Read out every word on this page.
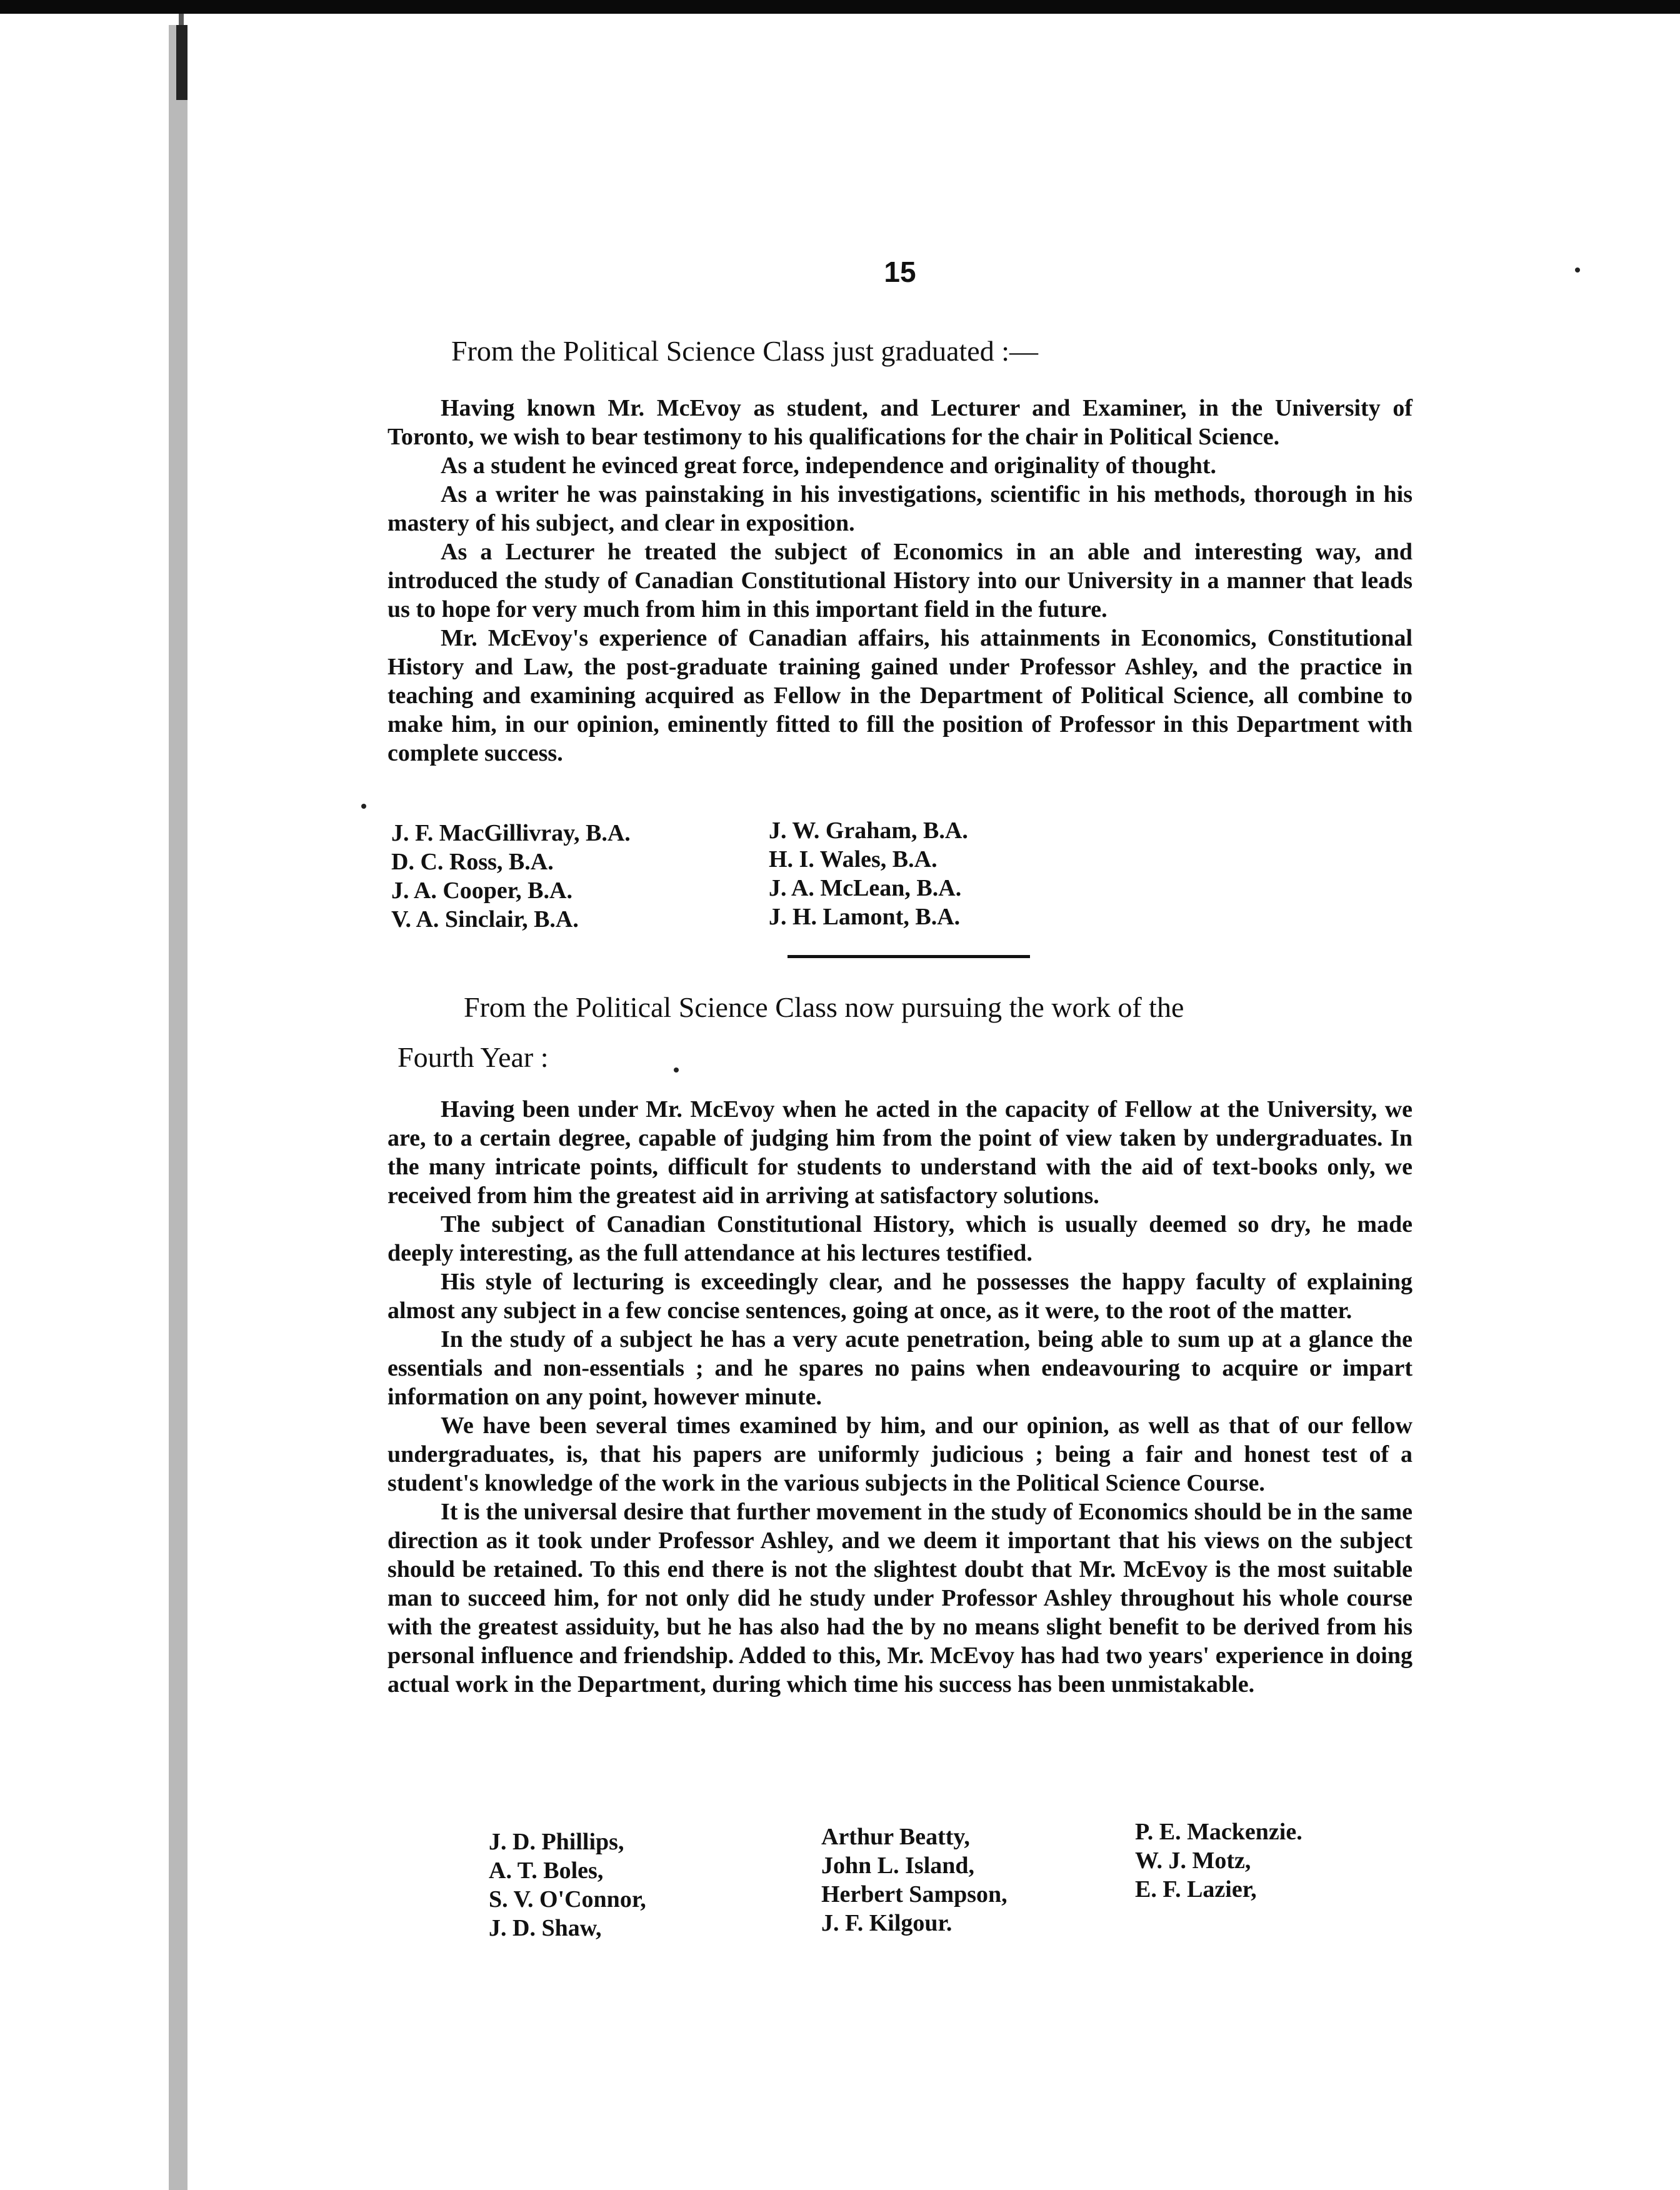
15
From the Political Science Class just graduated :—

Having known Mr. McEvoy as student, and Lecturer and Examiner, in the University of Toronto, we wish to bear testimony to his qualifications for the chair in Political Science.

As a student he evinced great force, independence and originality of thought.

As a writer he was painstaking in his investigations, scientific in his methods, thorough in his mastery of his subject, and clear in exposition.

As a Lecturer he treated the subject of Economics in an able and interesting way, and introduced the study of Canadian Constitutional History into our University in a manner that leads us to hope for very much from him in this important field in the future.

Mr. McEvoy's experience of Canadian affairs, his attainments in Economics, Constitutional History and Law, the post-graduate training gained under Professor Ashley, and the practice in teaching and examining acquired as Fellow in the Department of Political Science, all combine to make him, in our opinion, eminently fitted to fill the position of Professor in this Department with complete success.

J. F. MacGillivray, B.A.
D. C. Ross, B.A.
J. A. Cooper, B.A.
V. A. Sinclair, B.A.
J. W. Graham, B.A.
H. I. Wales, B.A.
J. A. McLean, B.A.
J. H. Lamont, B.A.
From the Political Science Class now pursuing the work of the
Fourth Year :

Having been under Mr. McEvoy when he acted in the capacity of Fellow at the University, we are, to a certain degree, capable of judging him from the point of view taken by undergraduates. In the many intricate points, difficult for students to understand with the aid of text-books only, we received from him the greatest aid in arriving at satisfactory solutions.

The subject of Canadian Constitutional History, which is usually deemed so dry, he made deeply interesting, as the full attendance at his lectures testified.

His style of lecturing is exceedingly clear, and he possesses the happy faculty of explaining almost any subject in a few concise sentences, going at once, as it were, to the root of the matter.

In the study of a subject he has a very acute penetration, being able to sum up at a glance the essentials and non-essentials ; and he spares no pains when endeavouring to acquire or impart information on any point, however minute.

We have been several times examined by him, and our opinion, as well as that of our fellow undergraduates, is, that his papers are uniformly judicious ; being a fair and honest test of a student's knowledge of the work in the various subjects in the Political Science Course.

It is the universal desire that further movement in the study of Economics should be in the same direction as it took under Professor Ashley, and we deem it important that his views on the subject should be retained. To this end there is not the slightest doubt that Mr. McEvoy is the most suitable man to succeed him, for not only did he study under Professor Ashley throughout his whole course with the greatest assiduity, but he has also had the by no means slight benefit to be derived from his personal influence and friendship. Added to this, Mr. McEvoy has had two years' experience in doing actual work in the Department, during which time his success has been unmistakable.

J. D. Phillips,
A. T. Boles,
S. V. O'Connor,
J. D. Shaw,
Arthur Beatty,
John L. Island,
Herbert Sampson,
J. F. Kilgour.
P. E. Mackenzie.
W. J. Motz,
E. F. Lazier,
